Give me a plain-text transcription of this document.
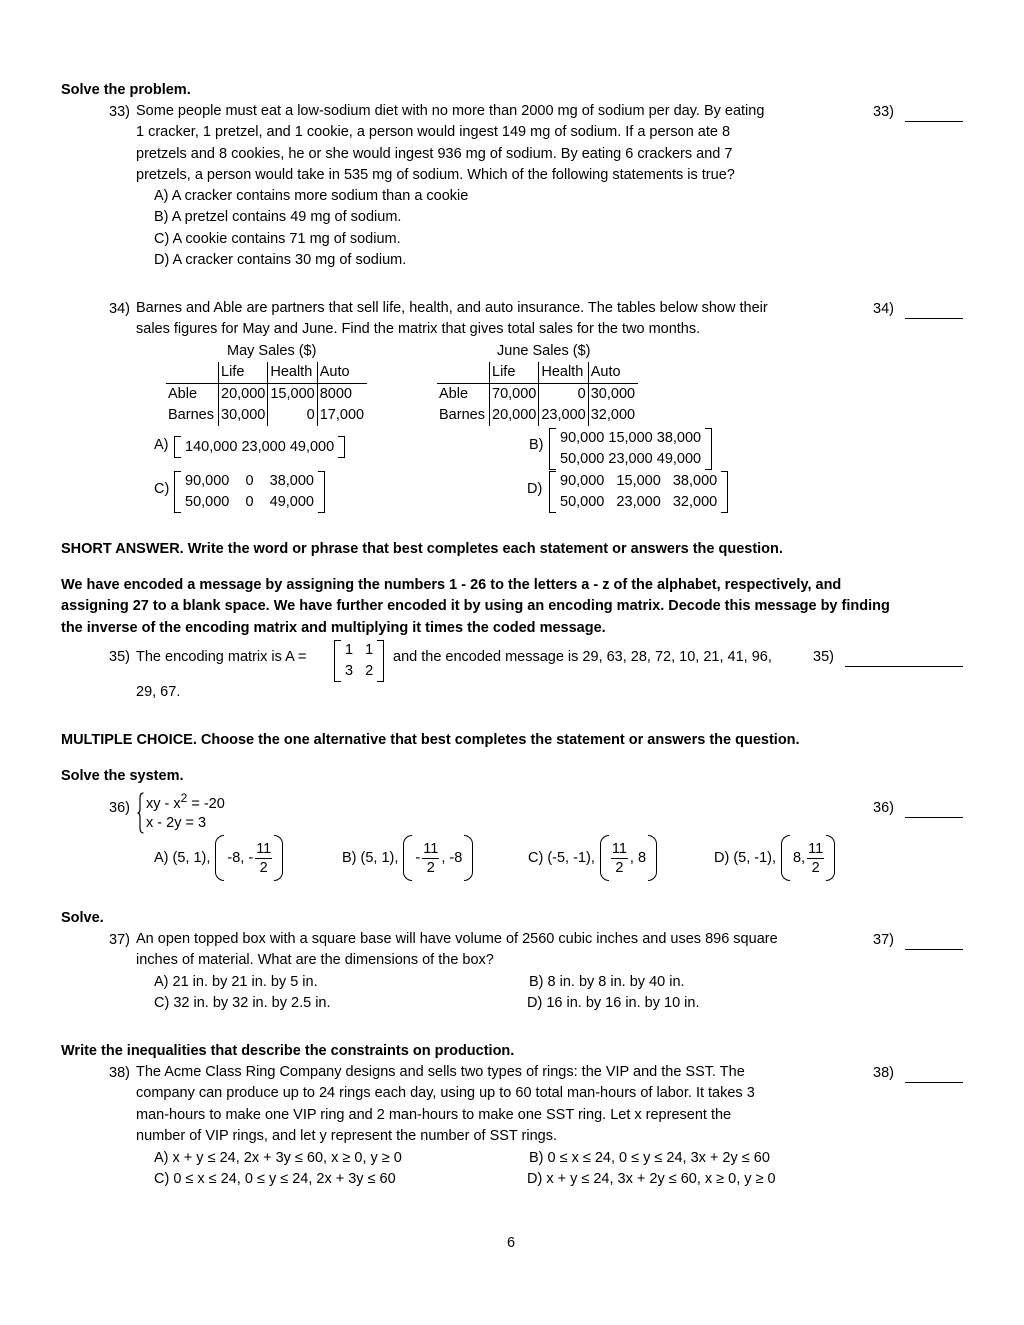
Solve the problem.
33) Some people must eat a low-sodium diet with no more than 2000 mg of sodium per day. By eating
1 cracker, 1 pretzel, and 1 cookie, a person would ingest 149 mg of sodium. If a person ate 8
pretzels and 8 cookies, he or she would ingest 936 mg of sodium. By eating 6 crackers and 7
pretzels, a person would take in 535 mg of sodium. Which of the following statements is true?
A) A cracker contains more sodium than a cookie
B) A pretzel contains 49 mg of sodium.
C) A cookie contains 71 mg of sodium.
D) A cracker contains 30 mg of sodium.
33)
34) Barnes and Able are partners that sell life, health, and auto insurance. The tables below show their
sales figures for May and June. Find the matrix that gives total sales for the two months.
34)
May Sales ($)
	Life	Health	Auto
Able	20,000	15,000	8000
Barnes	30,000	0	17,000
June Sales ($)
	Life	Health	Auto
Able	70,000	0	30,000
Barnes	20,000	23,000	32,000
A) 140,000 23,000 49,000	B) 90,000 15,000 38,000
50,000 23,000 49,000
C) 90,000    0    38,000
50,000    0    49,000
D) 90,000   15,000   38,000
50,000   23,000   32,000
SHORT ANSWER. Write the word or phrase that best completes each statement or answers the question.
We have encoded a message by assigning the numbers 1 - 26 to the letters a - z of the alphabet, respectively, and
assigning 27 to a blank space. We have further encoded it by using an encoding matrix. Decode this message by finding
the inverse of the encoding matrix and multiplying it times the coded message.
35) The encoding matrix is A =	1   1
3   2
and the encoded message is 29, 63, 28, 72, 10, 21, 41, 96,
29, 67.
35)
MULTIPLE CHOICE. Choose the one alternative that best completes the statement or answers the question.
Solve the system.
36) xy - $x^2 = -20$
x - 2y = 3
36)
A) (5, 1), -8, - $\frac{11}{2}$	B) (5, 1), - $\frac{11}{2}$ , -8	C) (-5, -1), $\frac{11}{2}$ , 8	D) (5, -1), 8, $\frac{11}{2}$
Solve.
37) An open topped box with a square base will have volume of 2560 cubic inches and uses 896 square
inches of material. What are the dimensions of the box?
A) 21 in. by 21 in. by 5 in.	B) 8 in. by 8 in. by 40 in.
C) 32 in. by 32 in. by 2.5 in.	D) 16 in. by 16 in. by 10 in.
37)
Write the inequalities that describe the constraints on production.
38) The Acme Class Ring Company designs and sells two types of rings: the VIP and the SST. The
company can produce up to 24 rings each day, using up to 60 total man-hours of labor. It takes 3
man-hours to make one VIP ring and 2 man-hours to make one SST ring. Let x represent the
number of VIP rings, and let y represent the number of SST rings.
A) x + y ≤ 24, 2x + 3y ≤ 60, x ≥ 0, y ≥ 0	B) 0 ≤ x ≤ 24, 0 ≤ y ≤ 24, 3x + 2y ≤ 60
C) 0 ≤ x ≤ 24, 0 ≤ y ≤ 24, 2x + 3y ≤ 60	D) x + y ≤ 24, 3x + 2y ≤ 60, x ≥ 0, y ≥ 0
38)
6
